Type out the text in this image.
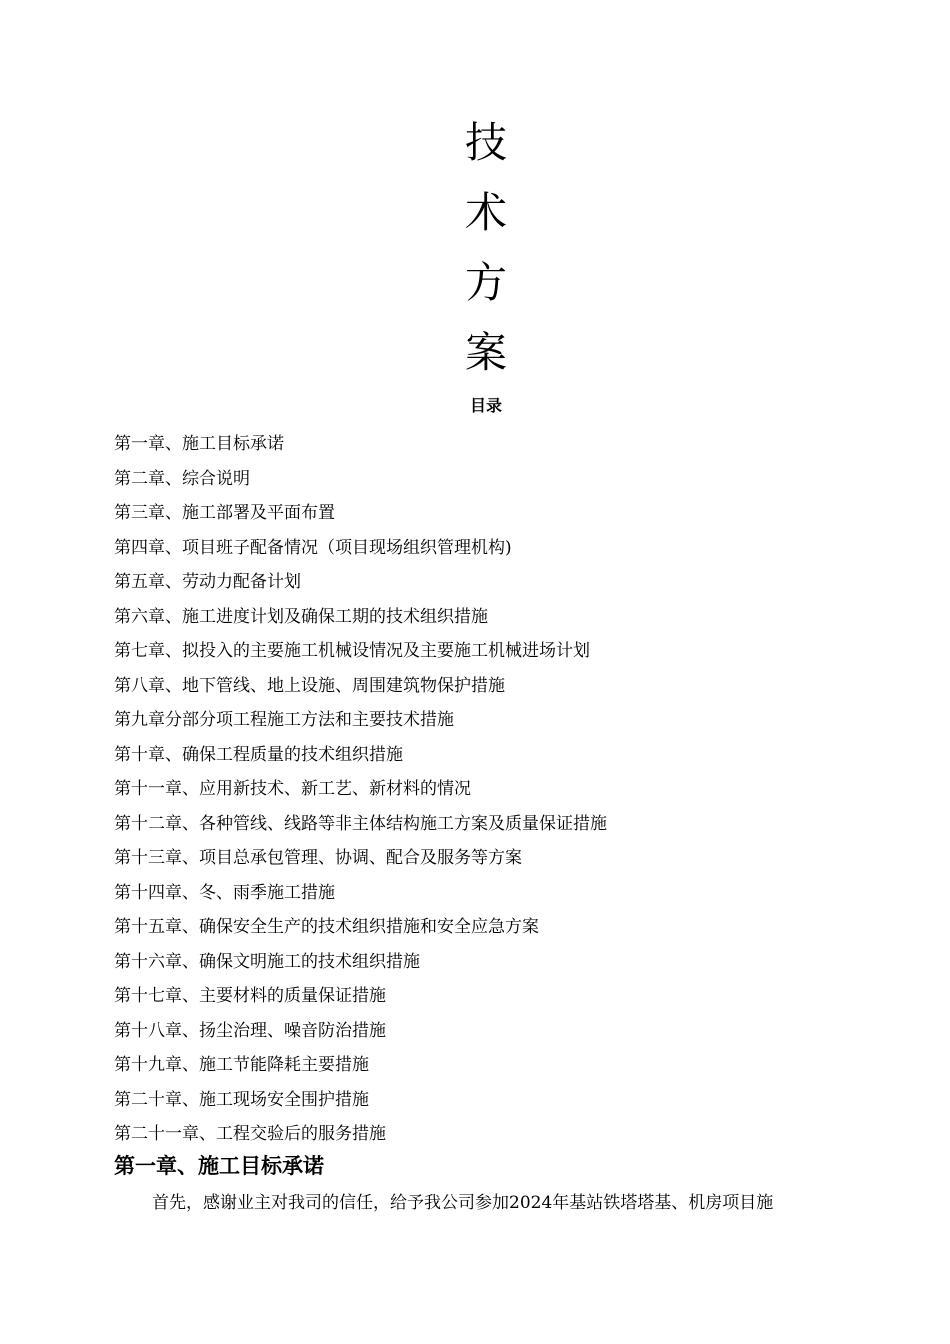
技
术
方
案
目录
第一章、施工目标承诺
第二章、综合说明
第三章、施工部署及平面布置
第四章、项目班子配备情况（项目现场组织管理机构)
第五章、劳动力配备计划
第六章、施工进度计划及确保工期的技术组织措施
第七章、拟投入的主要施工机械设情况及主要施工机械进场计划
第八章、地下管线、地上设施、周围建筑物保护措施
第九章分部分项工程施工方法和主要技术措施
第十章、确保工程质量的技术组织措施
第十一章、应用新技术、新工艺、新材料的情况
第十二章、各种管线、线路等非主体结构施工方案及质量保证措施
第十三章、项目总承包管理、协调、配合及服务等方案
第十四章、冬、雨季施工措施
第十五章、确保安全生产的技术组织措施和安全应急方案
第十六章、确保文明施工的技术组织措施
第十七章、主要材料的质量保证措施
第十八章、扬尘治理、噪音防治措施
第十九章、施工节能降耗主要措施
第二十章、施工现场安全围护措施
第二十一章、工程交验后的服务措施
第一章、施工目标承诺
首先，感谢业主对我司的信任，给予我公司参加2024年基站铁塔塔基、机房项目施
